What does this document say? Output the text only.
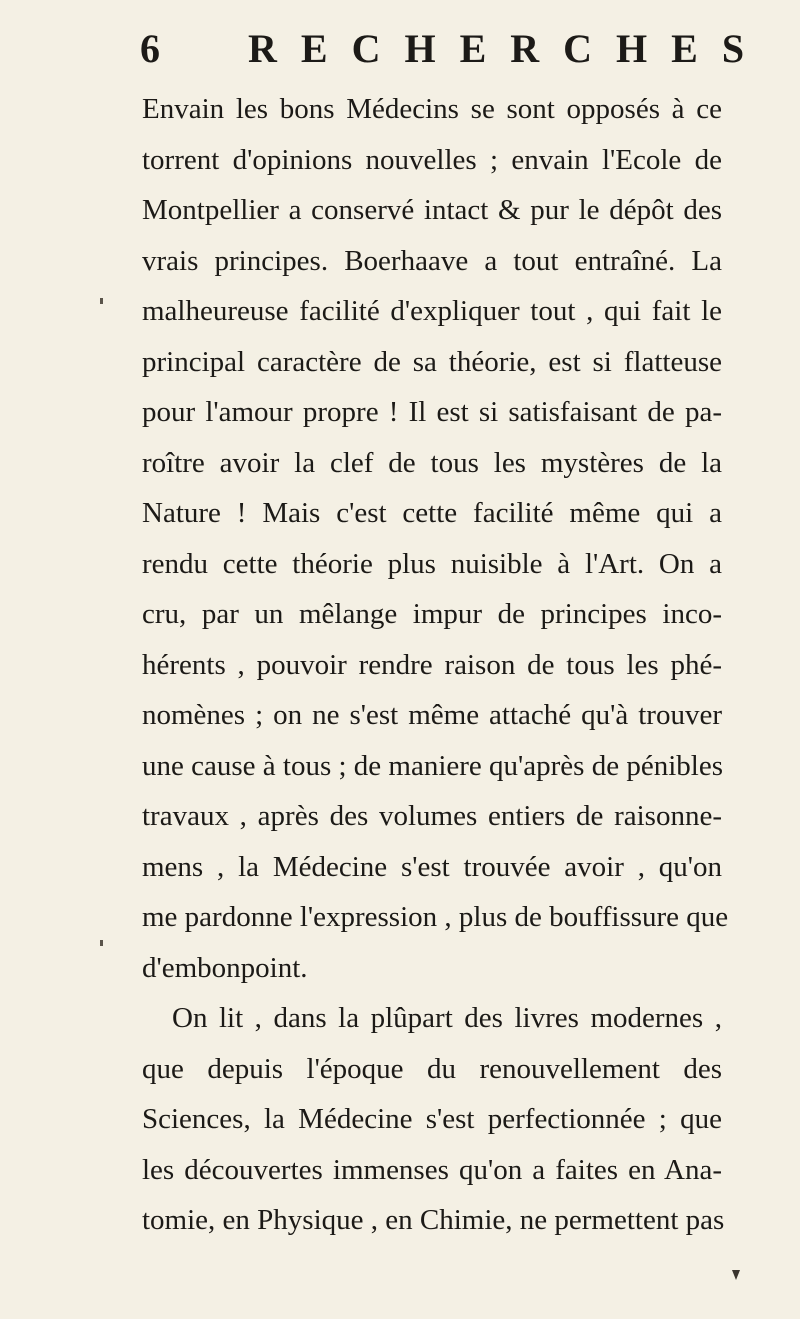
6 RECHERCHES
Envain les bons Médecins se sont opposés à ce
torrent d'opinions nouvelles ; envain l'Ecole de
Montpellier a conservé intact & pur le dépôt des
vrais principes. Boerhaave a tout entraîné. La
malheureuse facilité d'expliquer tout , qui fait le
principal caractère de sa théorie, est si flatteuse
pour l'amour propre ! Il est si satisfaisant de pa-
roître avoir la clef de tous les mystères de la
Nature ! Mais c'est cette facilité même qui a
rendu cette théorie plus nuisible à l'Art. On a
cru, par un mêlange impur de principes inco-
hérents , pouvoir rendre raison de tous les phé-
nomènes ; on ne s'est même attaché qu'à trouver
une cause à tous ; de maniere qu'après de pénibles
travaux , après des volumes entiers de raisonne-
mens , la Médecine s'est trouvée avoir , qu'on
me pardonne l'expression , plus de bouffissure que
d'embonpoint.
On lit , dans la plûpart des livres modernes ,
que depuis l'époque du renouvellement des
Sciences, la Médecine s'est perfectionnée ; que
les découvertes immenses qu'on a faites en Ana-
tomie, en Physique , en Chimie, ne permettent pas
